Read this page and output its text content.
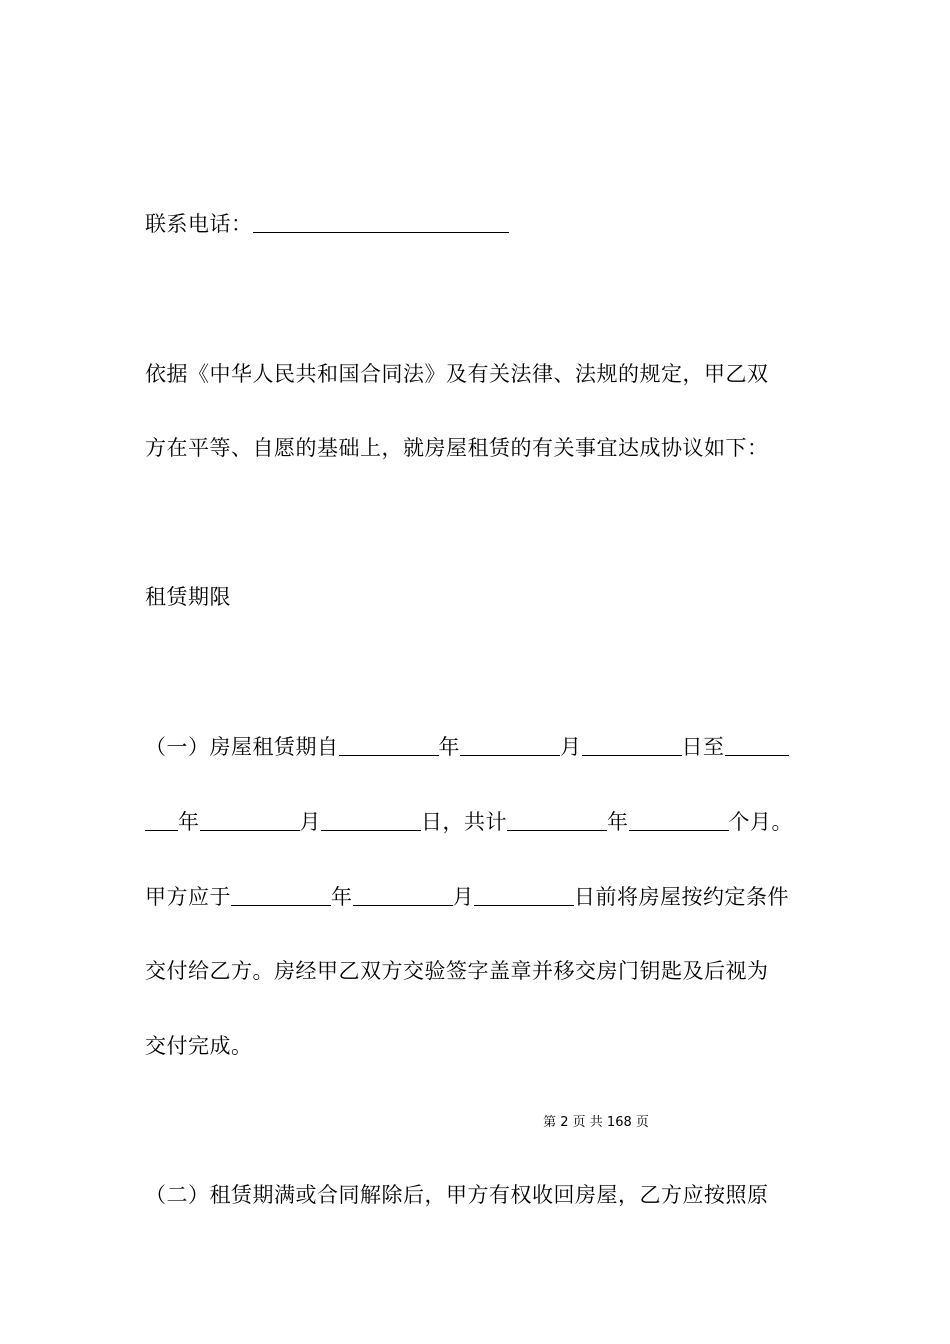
联系电话：
依据《中华人民共和国合同法》及有关法律、法规的规定，甲乙双
方在平等、自愿的基础上，就房屋租赁的有关事宜达成协议如下：
租赁期限
（一）房屋租赁期自	年	月	日至
年	月	日，共计	年	个月。
甲方应于	年	月	日前将房屋按约定条件
交付给乙方。房经甲乙双方交验签字盖章并移交房门钥匙及后视为
交付完成。
第 2 页 共 168 页
（二）租赁期满或合同解除后，甲方有权收回房屋，乙方应按照原
